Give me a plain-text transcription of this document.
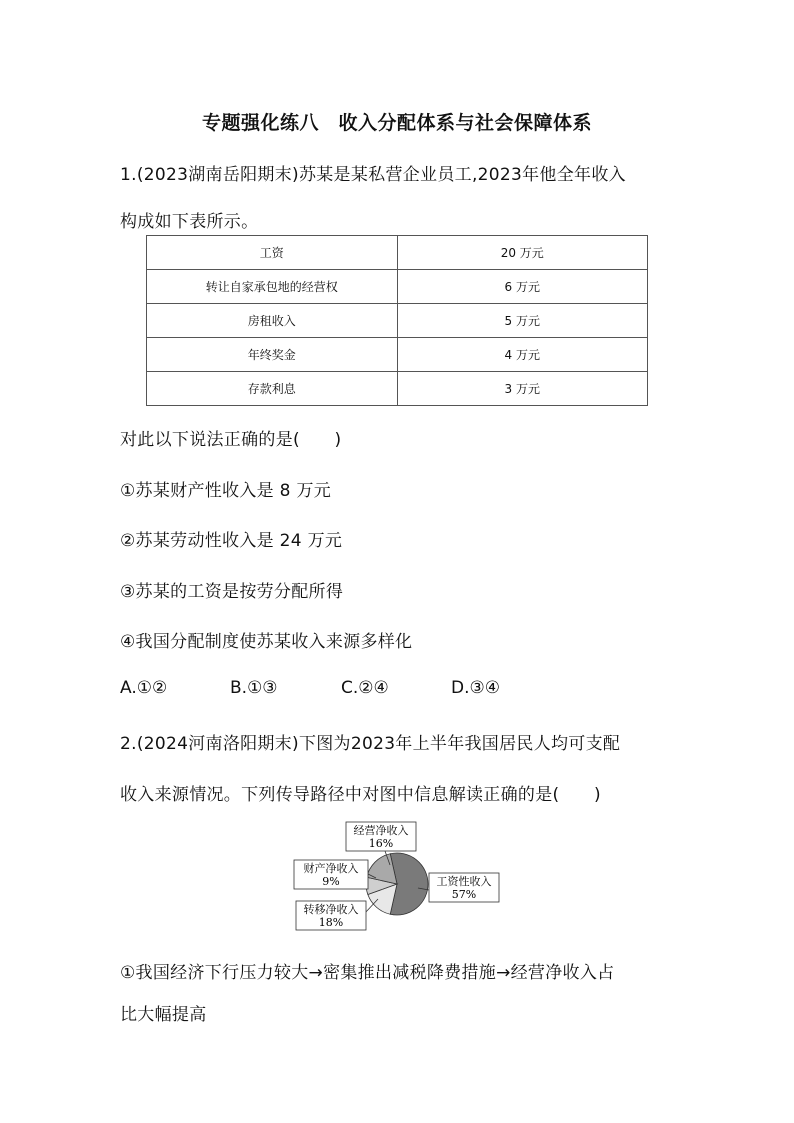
专题强化练八　收入分配体系与社会保障体系
1.(2023湖南岳阳期末)苏某是某私营企业员工,2023年他全年收入
构成如下表所示。
工资	20 万元
转让自家承包地的经营权	6 万元
房租收入	5 万元
年终奖金	4 万元
存款利息	3 万元
对此以下说法正确的是(　　)
①苏某财产性收入是 8 万元
②苏某劳动性收入是 24 万元
③苏某的工资是按劳分配所得
④我国分配制度使苏某收入来源多样化
A.①②	B.①③	C.②④	D.③④
2.(2024河南洛阳期末)下图为2023年上半年我国居民人均可支配
收入来源情况。下列传导路径中对图中信息解读正确的是(　　)
经营净收入
16%
财产净收入
9%
转移净收入
18%
工资性收入
57%
①我国经济下行压力较大→密集推出减税降费措施→经营净收入占
比大幅提高
